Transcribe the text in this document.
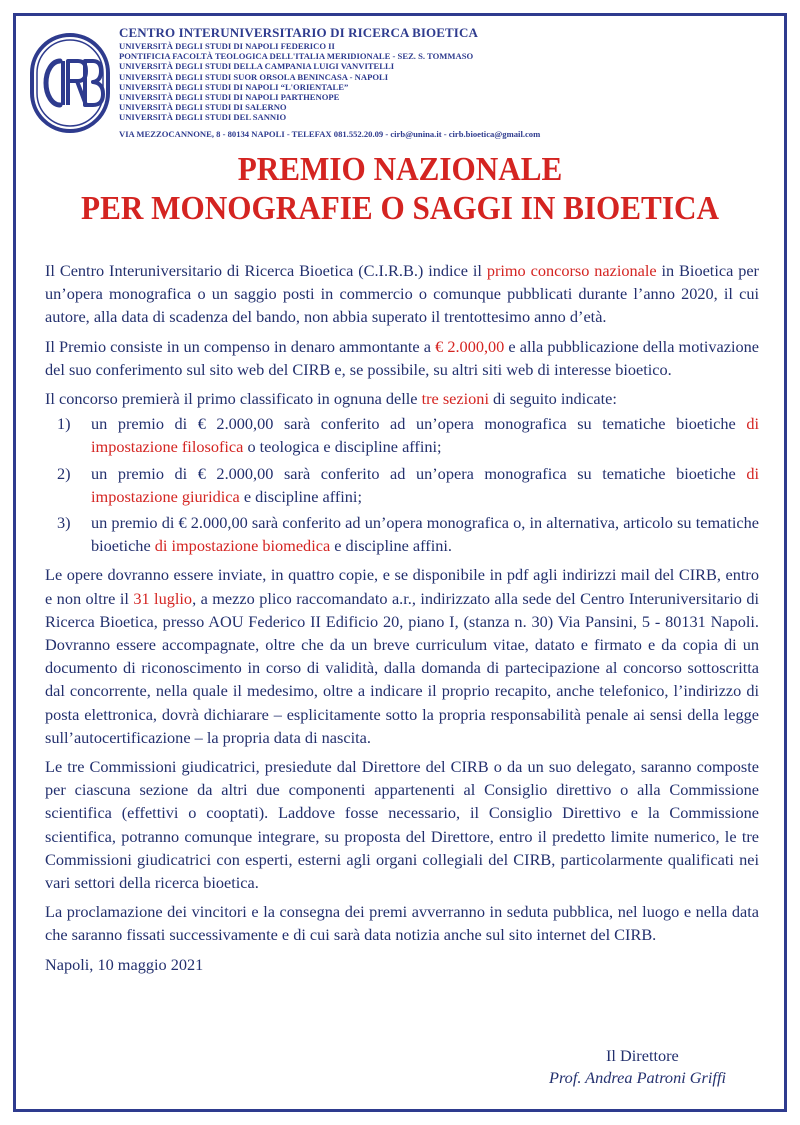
CENTRO INTERUNIVERSITARIO DI RICERCA BIOETICA
UNIVERSITÀ DEGLI STUDI DI NAPOLI FEDERICO II
PONTIFICIA FACOLTÀ TEOLOGICA DELL'ITALIA MERIDIONALE - SEZ. S. TOMMASO
UNIVERSITÀ DEGLI STUDI DELLA CAMPANIA LUIGI VANVITELLI
UNIVERSITÀ DEGLI STUDI SUOR ORSOLA BENINCASA - NAPOLI
UNIVERSITÀ DEGLI STUDI DI NAPOLI “L'ORIENTALE”
UNIVERSITÀ DEGLI STUDI DI NAPOLI PARTHENOPE
UNIVERSITÀ DEGLI STUDI DI SALERNO
UNIVERSITÀ DEGLI STUDI DEL SANNIO
VIA MEZZOCANNONE, 8 - 80134 NAPOLI - TELEFAX 081.552.20.09 - cirb@unina.it - cirb.bioetica@gmail.com
PREMIO NAZIONALE
PER MONOGRAFIE O SAGGI IN BIOETICA

Il Centro Interuniversitario di Ricerca Bioetica (C.I.R.B.) indice il primo concorso nazionale in Bioetica per un’opera monografica o un saggio posti in commercio o comunque pubblicati durante l’anno 2020, il cui autore, alla data di scadenza del bando, non abbia superato il trentottesimo anno d’età.

Il Premio consiste in un compenso in denaro ammontante a € 2.000,00 e alla pubblicazione della motivazione del suo conferimento sul sito web del CIRB e, se possibile, su altri siti web di interesse bioetico.

Il concorso premierà il primo classificato in ognuna delle tre sezioni di seguito indicate:

1)	un premio di € 2.000,00 sarà conferito ad un’opera monografica su tematiche bioetiche di impostazione filosofica o teologica e discipline affini;
2)	un premio di € 2.000,00 sarà conferito ad un’opera monografica su tematiche bioetiche di impostazione giuridica e discipline affini;
3)	un premio di € 2.000,00 sarà conferito ad un’opera monografica o, in alternativa, articolo su tematiche bioetiche di impostazione biomedica e discipline affini.

Le opere dovranno essere inviate, in quattro copie, e se disponibile in pdf agli indirizzi mail del CIRB, entro e non oltre il 31 luglio, a mezzo plico raccomandato a.r., indirizzato alla sede del Centro Interuniversitario di Ricerca Bioetica, presso AOU Federico II Edificio 20, piano I, (stanza n. 30) Via Pansini, 5 - 80131 Napoli. Dovranno essere accompagnate, oltre che da un breve curriculum vitae, datato e firmato e da copia di un documento di riconoscimento in corso di validità, dalla domanda di partecipazione al concorso sottoscritta dal concorrente, nella quale il medesimo, oltre a indicare il proprio recapito, anche telefonico, l’indirizzo di posta elettronica, dovrà dichiarare – esplicitamente sotto la propria responsabilità penale ai sensi della legge sull’autocertificazione – la propria data di nascita.

Le tre Commissioni giudicatrici, presiedute dal Direttore del CIRB o da un suo delegato, saranno composte per ciascuna sezione da altri due componenti appartenenti al Consiglio direttivo o alla Commissione scientifica (effettivi o cooptati). Laddove fosse necessario, il Consiglio Direttivo e la Commissione scientifica, potranno comunque integrare, su proposta del Direttore, entro il predetto limite numerico, le tre Commissioni giudicatrici con esperti, esterni agli organi collegiali del CIRB, particolarmente qualificati nei vari settori della ricerca bioetica.

La proclamazione dei vincitori e la consegna dei premi avverranno in seduta pubblica, nel luogo e nella data che saranno fissati successivamente e di cui sarà data notizia anche sul sito internet del CIRB.

Napoli, 10 maggio 2021

Il Direttore
Prof. Andrea Patroni Griffi
